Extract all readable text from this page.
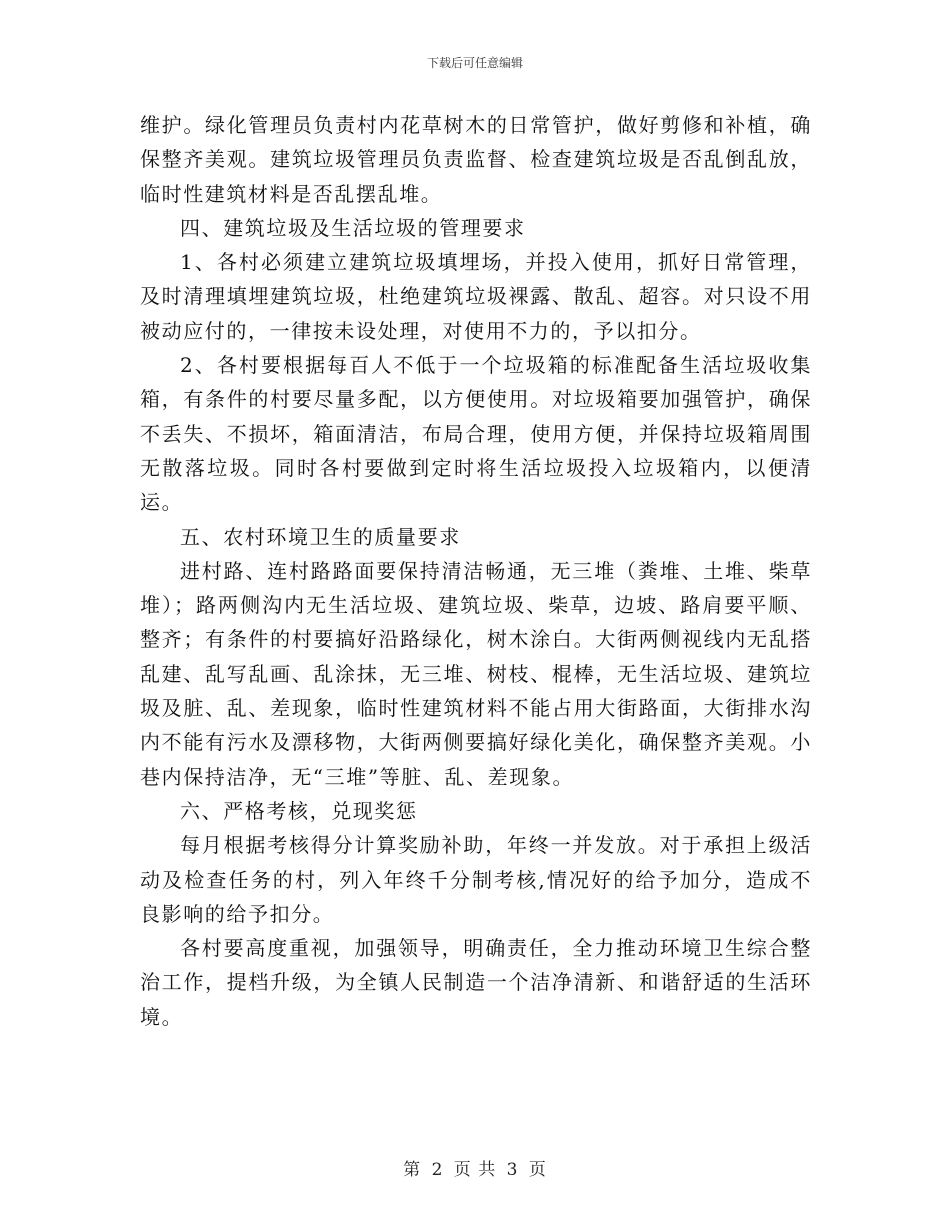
下载后可任意编辑

维护。绿化管理员负责村内花草树木的日常管护，做好剪修和补植，确保整齐美观。建筑垃圾管理员负责监督、检查建筑垃圾是否乱倒乱放，临时性建筑材料是否乱摆乱堆。

四、建筑垃圾及生活垃圾的管理要求

1、各村必须建立建筑垃圾填埋场，并投入使用，抓好日常管理，及时清理填埋建筑垃圾，杜绝建筑垃圾裸露、散乱、超容。对只设不用被动应付的，一律按未设处理，对使用不力的，予以扣分。

2、各村要根据每百人不低于一个垃圾箱的标准配备生活垃圾收集箱，有条件的村要尽量多配，以方便使用。对垃圾箱要加强管护，确保不丢失、不损坏，箱面清洁，布局合理，使用方便，并保持垃圾箱周围无散落垃圾。同时各村要做到定时将生活垃圾投入垃圾箱内，以便清运。

五、农村环境卫生的质量要求

进村路、连村路路面要保持清洁畅通，无三堆（粪堆、土堆、柴草堆）；路两侧沟内无生活垃圾、建筑垃圾、柴草，边坡、路肩要平顺、整齐；有条件的村要搞好沿路绿化，树木涂白。大街两侧视线内无乱搭乱建、乱写乱画、乱涂抹，无三堆、树枝、棍棒，无生活垃圾、建筑垃圾及脏、乱、差现象，临时性建筑材料不能占用大街路面，大街排水沟内不能有污水及漂移物，大街两侧要搞好绿化美化，确保整齐美观。小巷内保持洁净，无“三堆”等脏、乱、差现象。

六、严格考核，兑现奖惩

每月根据考核得分计算奖励补助，年终一并发放。对于承担上级活动及检查任务的村，列入年终千分制考核,情况好的给予加分，造成不良影响的给予扣分。

各村要高度重视，加强领导，明确责任，全力推动环境卫生综合整治工作，提档升级，为全镇人民制造一个洁净清新、和谐舒适的生活环境。

第 2 页 共 3 页
